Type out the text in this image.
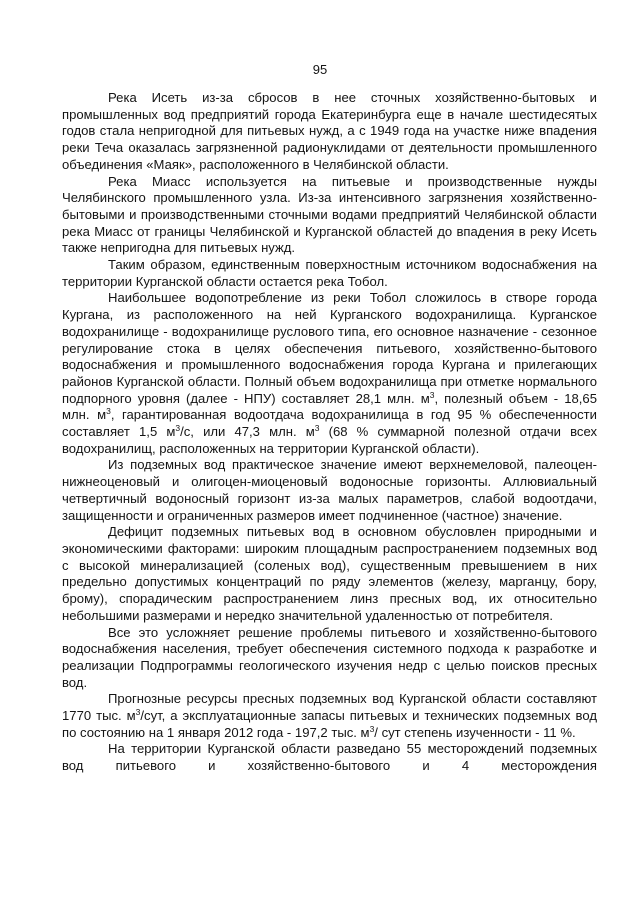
95

Река Исеть из-за сбросов в нее сточных хозяйственно-бытовых и промышленных вод предприятий города Екатеринбурга еще в начале шестидесятых годов стала непригодной для питьевых нужд, а с 1949 года на участке ниже впадения реки Теча оказалась загрязненной радионуклидами от деятельности промышленного объединения «Маяк», расположенного в Челябинской области.

Река Миасс используется на питьевые и производственные нужды Челябинского промышленного узла. Из-за интенсивного загрязнения хозяйственно-бытовыми и производственными сточными водами предприятий Челябинской области река Миасс от границы Челябинской и Курганской областей до впадения в реку Исеть также непригодна для питьевых нужд.

Таким образом, единственным поверхностным источником водоснабжения на территории Курганской области остается река Тобол.

Наибольшее водопотребление из реки Тобол сложилось в створе города Кургана, из расположенного на ней Курганского водохранилища. Курганское водохранилище - водохранилище руслового типа, его основное назначение - сезонное регулирование стока в целях обеспечения питьевого, хозяйственно-бытового водоснабжения и промышленного водоснабжения города Кургана и прилегающих районов Курганской области. Полный объем водохранилища при отметке нормального подпорного уровня (далее - НПУ) составляет 28,1 млн. $м^3$, полезный объем - 18,65 млн. $м^3$, гарантированная водоотдача водохранилища в год 95 % обеспеченности составляет 1,5 $м^3/с$, или 47,3 млн. $м^3$ (68 % суммарной полезной отдачи всех водохранилищ, расположенных на территории Курганской области).

Из подземных вод практическое значение имеют верхнемеловой, палеоцен-нижнеоценовый и олигоцен-миоценовый водоносные горизонты. Аллювиальный четвертичный водоносный горизонт из-за малых параметров, слабой водоотдачи, защищенности и ограниченных размеров имеет подчиненное (частное) значение.

Дефицит подземных питьевых вод в основном обусловлен природными и экономическими факторами: широким площадным распространением подземных вод с высокой минерализацией (соленых вод), существенным превышением в них предельно допустимых концентраций по ряду элементов (железу, марганцу, бору, брому), спорадическим распространением линз пресных вод, их относительно небольшими размерами и нередко значительной удаленностью от потребителя.

Все это усложняет решение проблемы питьевого и хозяйственно-бытового водоснабжения населения, требует обеспечения системного подхода к разработке и реализации Подпрограммы геологического изучения недр с целью поисков пресных вод.

Прогнозные ресурсы пресных подземных вод Курганской области составляют 1770 тыс. $м^3$/сут, а эксплуатационные запасы питьевых и технических подземных вод по состоянию на 1 января 2012 года - 197,2 тыс. $м^3/$ сут степень изученности - 11 %.

На территории Курганской области разведано 55 месторождений подземных вод питьевого и хозяйственно-бытового и 4 месторождения
